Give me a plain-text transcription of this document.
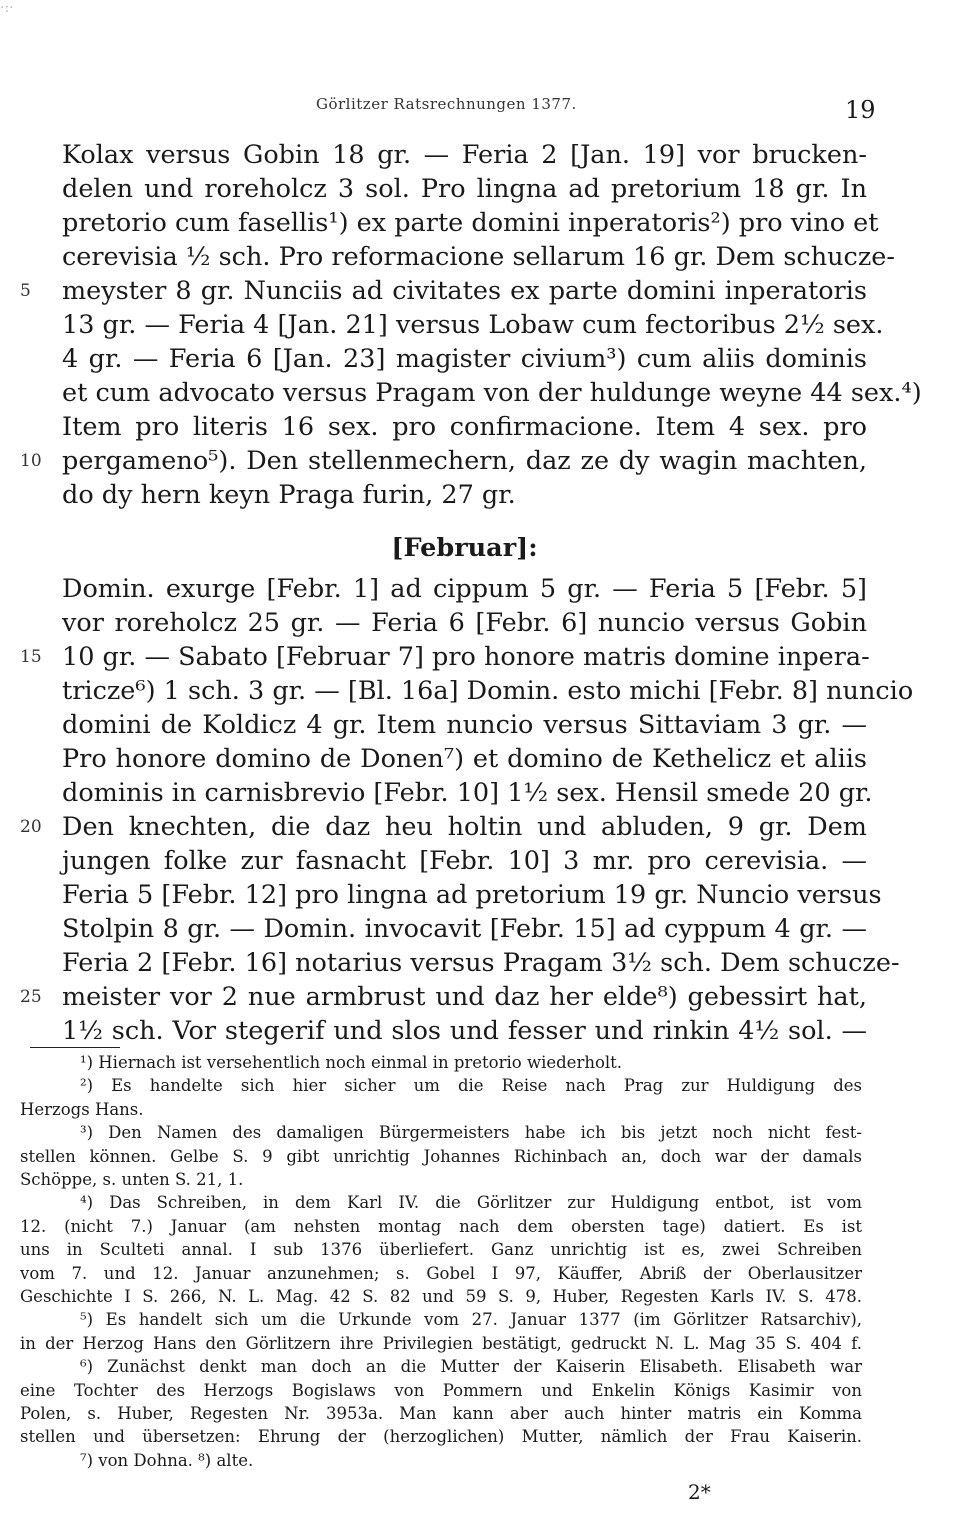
·:·
Görlitzer Ratsrechnungen 1377.	19
Kolax versus Gobin 18 gr. — Feria 2 [Jan. 19] vor brucken-
delen und roreholcz 3 sol. Pro lingna ad pretorium 18 gr. In
pretorio cum fasellis¹) ex parte domini inperatoris²) pro vino et
cerevisia ½ sch. Pro reformacione sellarum 16 gr. Dem schucze-
meyster 8 gr. Nunciis ad civitates ex parte domini inperatoris
5
13 gr. — Feria 4 [Jan. 21] versus Lobaw cum fectoribus 2½ sex.
4 gr. — Feria 6 [Jan. 23] magister civium³) cum aliis dominis
et cum advocato versus Pragam von der huldunge weyne 44 sex.⁴)
Item pro literis 16 sex. pro confirmacione. Item 4 sex. pro
pergameno⁵). Den stellenmechern, daz ze dy wagin machten,
10
do dy hern keyn Praga furin, 27 gr.
[Februar]:
Domin. exurge [Febr. 1] ad cippum 5 gr. — Feria 5 [Febr. 5]
vor roreholcz 25 gr. — Feria 6 [Febr. 6] nuncio versus Gobin
10 gr. — Sabato [Februar 7] pro honore matris domine inpera-
15
tricze⁶) 1 sch. 3 gr. — [Bl. 16a] Domin. esto michi [Febr. 8] nuncio
domini de Koldicz 4 gr. Item nuncio versus Sittaviam 3 gr. —
Pro honore domino de Donen⁷) et domino de Kethelicz et aliis
dominis in carnisbrevio [Febr. 10] 1½ sex. Hensil smede 20 gr.
Den knechten, die daz heu holtin und abluden, 9 gr. Dem
20
jungen folke zur fasnacht [Febr. 10] 3 mr. pro cerevisia. —
Feria 5 [Febr. 12] pro lingna ad pretorium 19 gr. Nuncio versus
Stolpin 8 gr. — Domin. invocavit [Febr. 15] ad cyppum 4 gr. —
Feria 2 [Febr. 16] notarius versus Pragam 3½ sch. Dem schucze-
meister vor 2 nue armbrust und daz her elde⁸) gebessirt hat,
25
1½ sch. Vor stegerif und slos und fesser und rinkin 4½ sol. —
¹) Hiernach ist versehentlich noch einmal in pretorio wiederholt.
²) Es handelte sich hier sicher um die Reise nach Prag zur Huldigung des
Herzogs Hans.
³) Den Namen des damaligen Bürgermeisters habe ich bis jetzt noch nicht fest-
stellen können. Gelbe S. 9 gibt unrichtig Johannes Richinbach an, doch war der damals
Schöppe, s. unten S. 21, 1.
⁴) Das Schreiben, in dem Karl IV. die Görlitzer zur Huldigung entbot, ist vom
12. (nicht 7.) Januar (am nehsten montag nach dem obersten tage) datiert. Es ist
uns in Sculteti annal. I sub 1376 überliefert. Ganz unrichtig ist es, zwei Schreiben
vom 7. und 12. Januar anzunehmen; s. Gobel I 97, Käuffer, Abriß der Oberlausitzer
Geschichte I S. 266, N. L. Mag. 42 S. 82 und 59 S. 9, Huber, Regesten Karls IV. S. 478.
⁵) Es handelt sich um die Urkunde vom 27. Januar 1377 (im Görlitzer Ratsarchiv),
in der Herzog Hans den Görlitzern ihre Privilegien bestätigt, gedruckt N. L. Mag 35 S. 404 f.
⁶) Zunächst denkt man doch an die Mutter der Kaiserin Elisabeth. Elisabeth war
eine Tochter des Herzogs Bogislaws von Pommern und Enkelin Königs Kasimir von
Polen, s. Huber, Regesten Nr. 3953a. Man kann aber auch hinter matris ein Komma
stellen und übersetzen: Ehrung der (herzoglichen) Mutter, nämlich der Frau Kaiserin.
⁷) von Dohna. ⁸) alte.
2*
